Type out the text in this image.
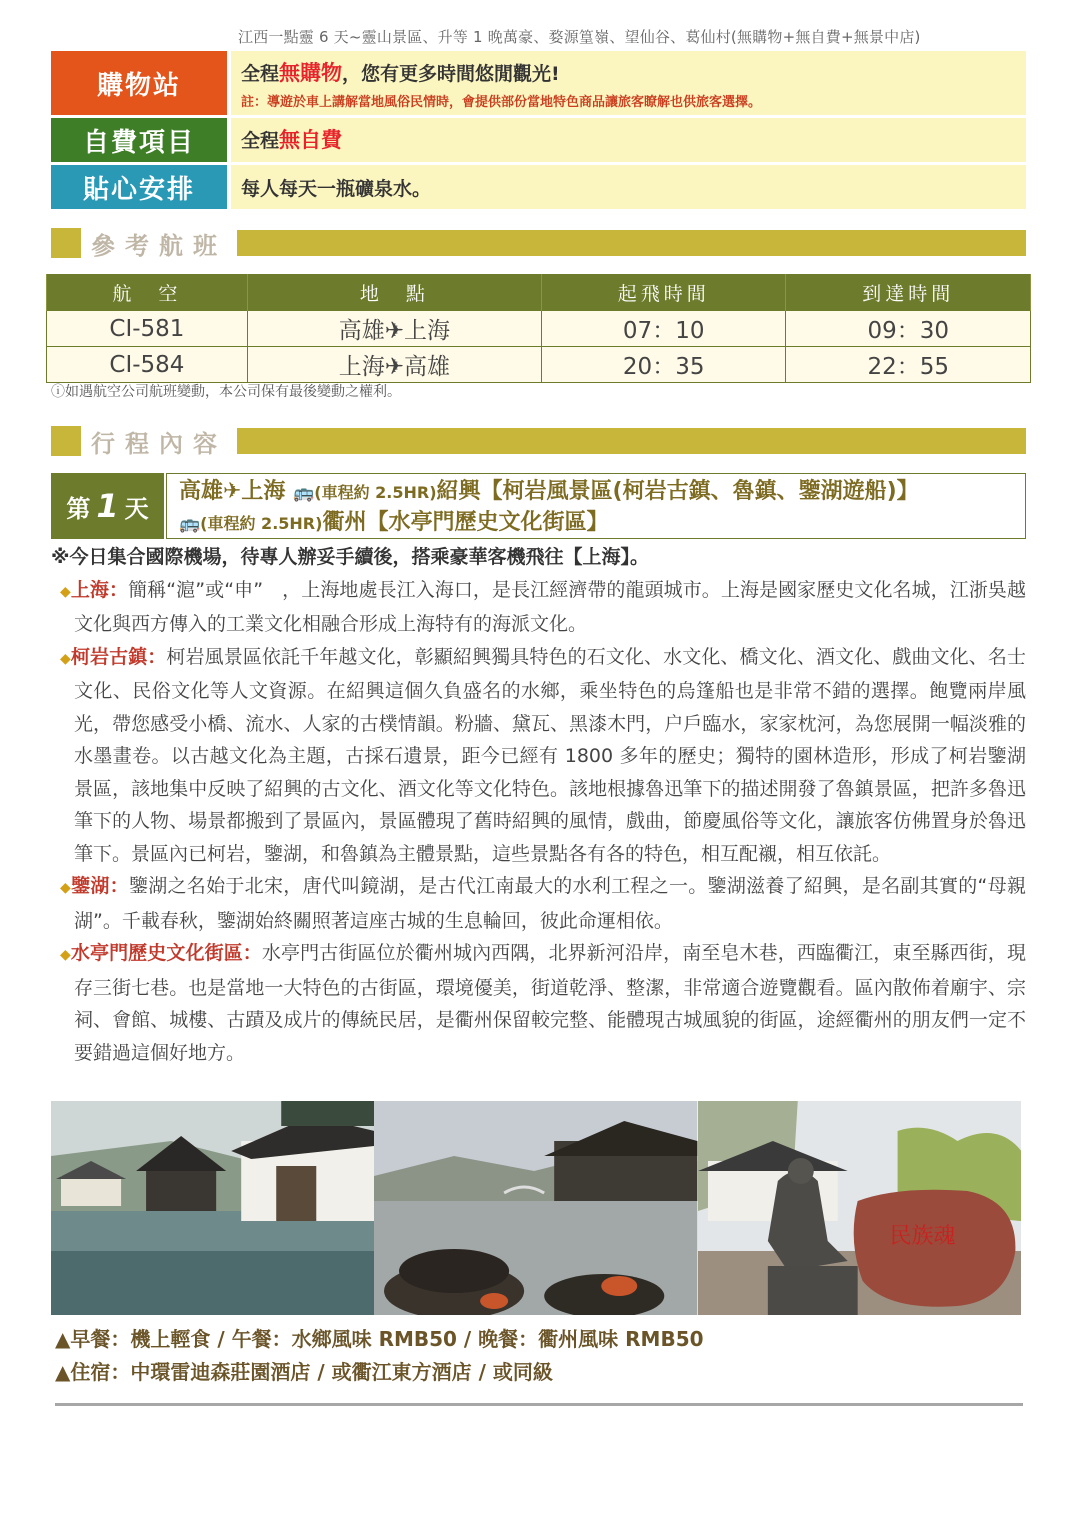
江西一點靈 6 天~靈山景區、升等 1 晚萬豪、婺源篁嶺、望仙谷、葛仙村(無購物+無自費+無景中店)
購物站	全程無購物，您有更多時間悠閒觀光!
註：導遊於車上講解當地風俗民情時，會提供部份當地特色商品讓旅客瞭解也供旅客選擇。
自費項目	全程無自費
貼心安排	每人每天一瓶礦泉水。
參考航班
航　空	地　點	起飛時間	到達時間
CI-581	高雄✈上海	07：10	09：30
CI-584	上海✈高雄	20：35	22：55
ⓘ如遇航空公司航班變動，本公司保有最後變動之權利。
行程內容
第 1 天
高雄✈上海 🚌(車程約 2.5HR)紹興【柯岩風景區(柯岩古鎮、魯鎮、鑒湖遊船)】
🚌(車程約 2.5HR)衢州【水亭門歷史文化街區】
※今日集合國際機場，待專人辦妥手續後，搭乘豪華客機飛往【上海】。

◆上海：簡稱“滬”或“申”　，上海地處長江入海口，是長江經濟帶的龍頭城市。上海是國家歷史文化名城，江浙吳越文化與西方傳入的工業文化相融合形成上海特有的海派文化。

◆柯岩古鎮：柯岩風景區依託千年越文化，彰顯紹興獨具特色的石文化、水文化、橋文化、酒文化、戲曲文化、名士文化、民俗文化等人文資源。在紹興這個久負盛名的水鄉，乘坐特色的烏篷船也是非常不錯的選擇。飽覽兩岸風光，帶您感受小橋、流水、人家的古樸情韻。粉牆、黛瓦、黑漆木門，户戶臨水，家家枕河，為您展開一幅淡雅的水墨畫卷。以古越文化為主題，古採石遺景，距今已經有 1800 多年的歷史；獨特的園林造形，形成了柯岩鑒湖景區，該地集中反映了紹興的古文化、酒文化等文化特色。該地根據魯迅筆下的描述開發了魯鎮景區，把許多魯迅筆下的人物、場景都搬到了景區內，景區體現了舊時紹興的風情，戲曲，節慶風俗等文化，讓旅客仿佛置身於魯迅筆下。景區內已柯岩，鑒湖，和魯鎮為主體景點，這些景點各有各的特色，相互配襯，相互依託。

◆鑒湖：鑒湖之名始于北宋，唐代叫鏡湖，是古代江南最大的水利工程之一。鑒湖滋養了紹興，是名副其實的“母親湖”。千載春秋，鑒湖始終關照著這座古城的生息輪回，彼此命運相依。

◆水亭門歷史文化街區：水亭門古街區位於衢州城內西隅，北界新河沿岸，南至皂木巷，西臨衢江，東至縣西街，現存三街七巷。也是當地一大特色的古街區，環境優美，街道乾淨、整潔，非常適合遊覽觀看。區內散佈着廟宇、宗祠、會館、城樓、古蹟及成片的傳統民居，是衢州保留較完整、能體現古城風貌的街區，途經衢州的朋友們一定不要錯過這個好地方。

民族魂
▲早餐：機上輕食 / 午餐：水鄉風味 RMB50 / 晚餐：衢州風味 RMB50
▲住宿：中環雷迪森莊園酒店 / 或衢江東方酒店 / 或同級
